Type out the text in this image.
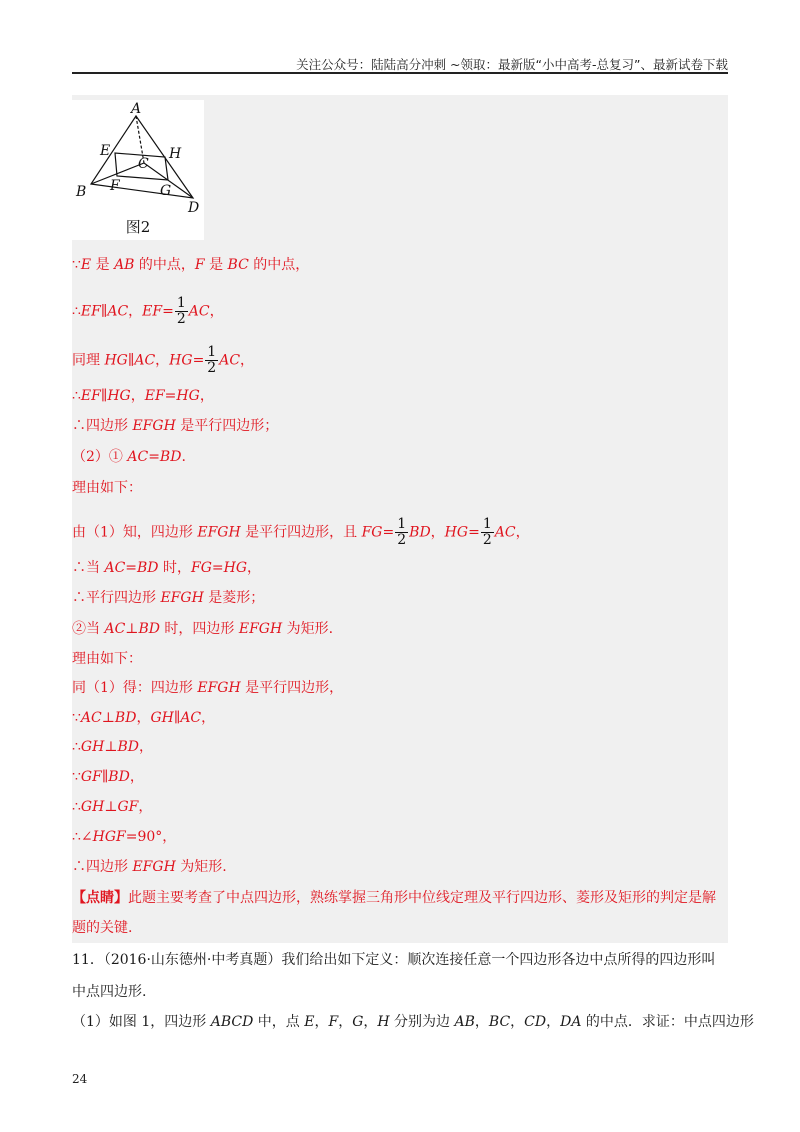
关注公众号：陆陆高分冲刺 ~领取：最新版“小中高考-总复习”、最新试卷下载
A
B
C
D
E
F	G
H
图2
∵E 是 AB 的中点，F 是 BC 的中点，
∴EF∥AC，$EF= \frac{1}{2}$ AC，
同理 HG∥AC，$HG= \frac{1}{2}$ AC，
∴EF∥HG，EF=HG，
∴四边形 EFGH 是平行四边形；
（2）① AC=BD.
理由如下：
由（1）知，四边形 EFGH 是平行四边形，且 $FG= \frac{1}{2}$ BD，$HG= \frac{1}{2}$ AC，
∴当 AC=BD 时，FG=HG，
∴平行四边形 EFGH 是菱形；
②当 AC⊥BD 时，四边形 EFGH 为矩形.
理由如下：
同（1）得：四边形 EFGH 是平行四边形，
∵AC⊥BD，GH∥AC，
∴GH⊥BD，
∵GF∥BD，
∴GH⊥GF，
∴∠HGF=90°，
∴四边形 EFGH 为矩形.
【点睛】此题主要考查了中点四边形，熟练掌握三角形中位线定理及平行四边形、菱形及矩形的判定是解
题的关键.
11．（2016·山东德州·中考真题）我们给出如下定义：顺次连接任意一个四边形各边中点所得的四边形叫
中点四边形.
（1）如图 1，四边形 ABCD 中，点 E，F，G，H 分别为边 AB，BC，CD，DA 的中点．求证：中点四边形
24
